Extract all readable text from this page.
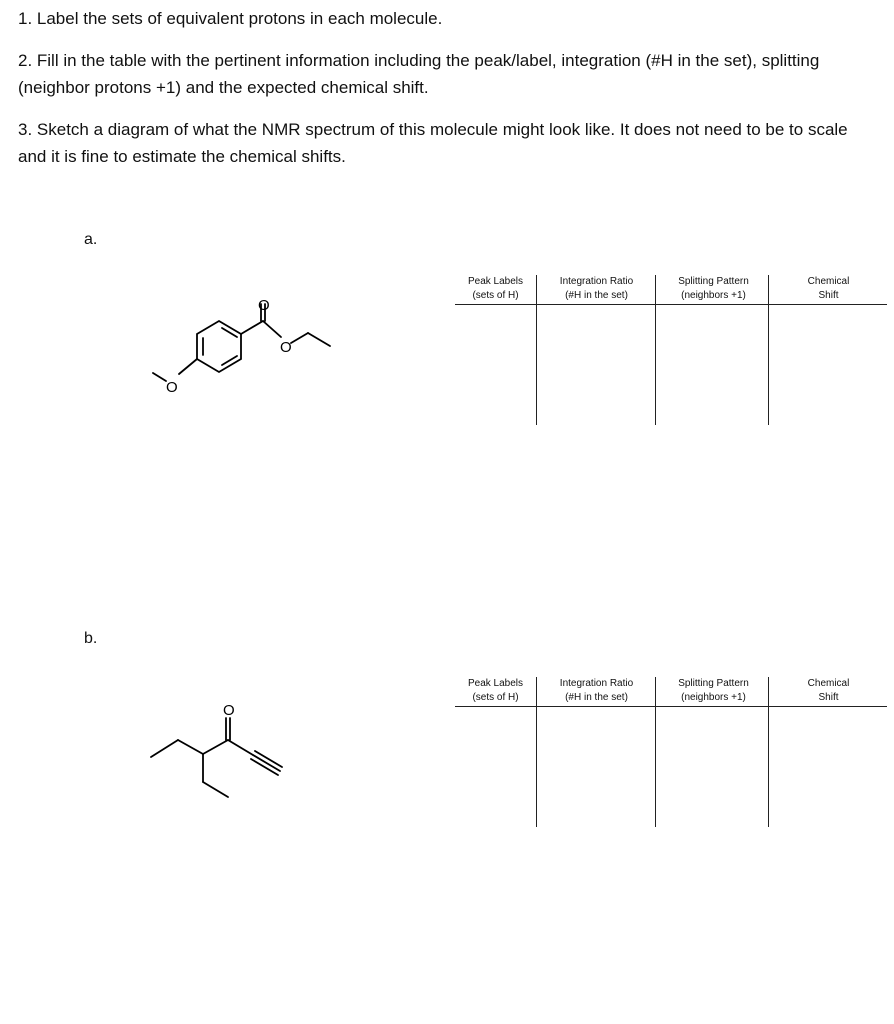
1. Label the sets of equivalent protons in each molecule.

2. Fill in the table with the pertinent information including the peak/label, integration (#H in the set), splitting (neighbor protons +1) and the expected chemical shift.

3. Sketch a diagram of what the NMR spectrum of this molecule might look like. It does not need to be to scale and it is fine to estimate the chemical shifts.

a.
O
O
O
Peak Labels
(sets of H)
Integration Ratio
(#H in the set)
Splitting Pattern
(neighbors +1)
Chemical
Shift
b.
O
Peak Labels
(sets of H)
Integration Ratio
(#H in the set)
Splitting Pattern
(neighbors +1)
Chemical
Shift
